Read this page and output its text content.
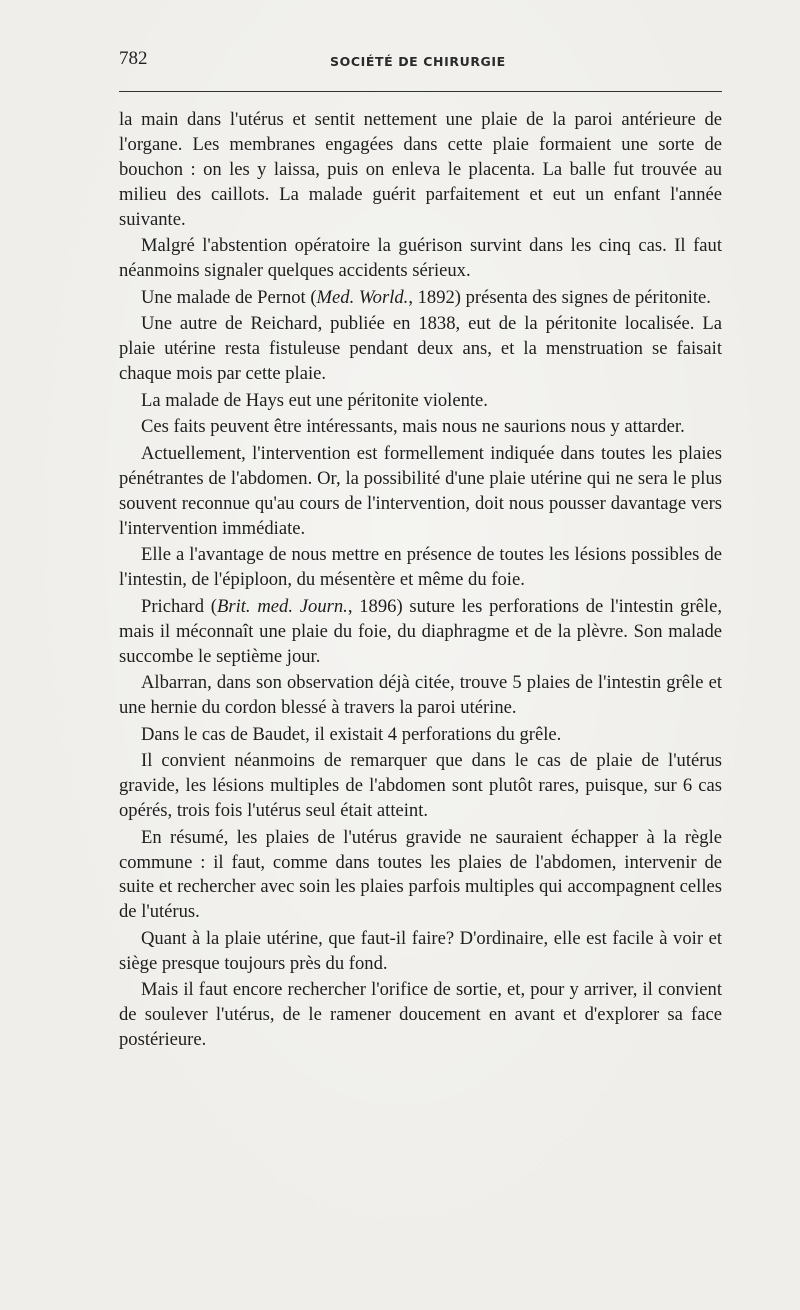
782	SOCIÉTÉ DE CHIRURGIE

la main dans l'utérus et sentit nettement une plaie de la paroi antérieure de l'organe. Les membranes engagées dans cette plaie formaient une sorte de bouchon : on les y laissa, puis on enleva le placenta. La balle fut trouvée au milieu des caillots. La malade guérit parfaitement et eut un enfant l'année suivante.

Malgré l'abstention opératoire la guérison survint dans les cinq cas. Il faut néanmoins signaler quelques accidents sérieux.

Une malade de Pernot (Med. World., 1892) présenta des signes de péritonite.

Une autre de Reichard, publiée en 1838, eut de la péritonite localisée. La plaie utérine resta fistuleuse pendant deux ans, et la menstruation se faisait chaque mois par cette plaie.

La malade de Hays eut une péritonite violente.

Ces faits peuvent être intéressants, mais nous ne saurions nous y attarder.

Actuellement, l'intervention est formellement indiquée dans toutes les plaies pénétrantes de l'abdomen. Or, la possibilité d'une plaie utérine qui ne sera le plus souvent reconnue qu'au cours de l'intervention, doit nous pousser davantage vers l'intervention immédiate.

Elle a l'avantage de nous mettre en présence de toutes les lésions possibles de l'intestin, de l'épiploon, du mésentère et même du foie.

Prichard (Brit. med. Journ., 1896) suture les perforations de l'intestin grêle, mais il méconnaît une plaie du foie, du diaphragme et de la plèvre. Son malade succombe le septième jour.

Albarran, dans son observation déjà citée, trouve 5 plaies de l'intestin grêle et une hernie du cordon blessé à travers la paroi utérine.

Dans le cas de Baudet, il existait 4 perforations du grêle.

Il convient néanmoins de remarquer que dans le cas de plaie de l'utérus gravide, les lésions multiples de l'abdomen sont plutôt rares, puisque, sur 6 cas opérés, trois fois l'utérus seul était atteint.

En résumé, les plaies de l'utérus gravide ne sauraient échapper à la règle commune : il faut, comme dans toutes les plaies de l'abdomen, intervenir de suite et rechercher avec soin les plaies parfois multiples qui accompagnent celles de l'utérus.

Quant à la plaie utérine, que faut-il faire? D'ordinaire, elle est facile à voir et siège presque toujours près du fond.

Mais il faut encore rechercher l'orifice de sortie, et, pour y arriver, il convient de soulever l'utérus, de le ramener doucement en avant et d'explorer sa face postérieure.
